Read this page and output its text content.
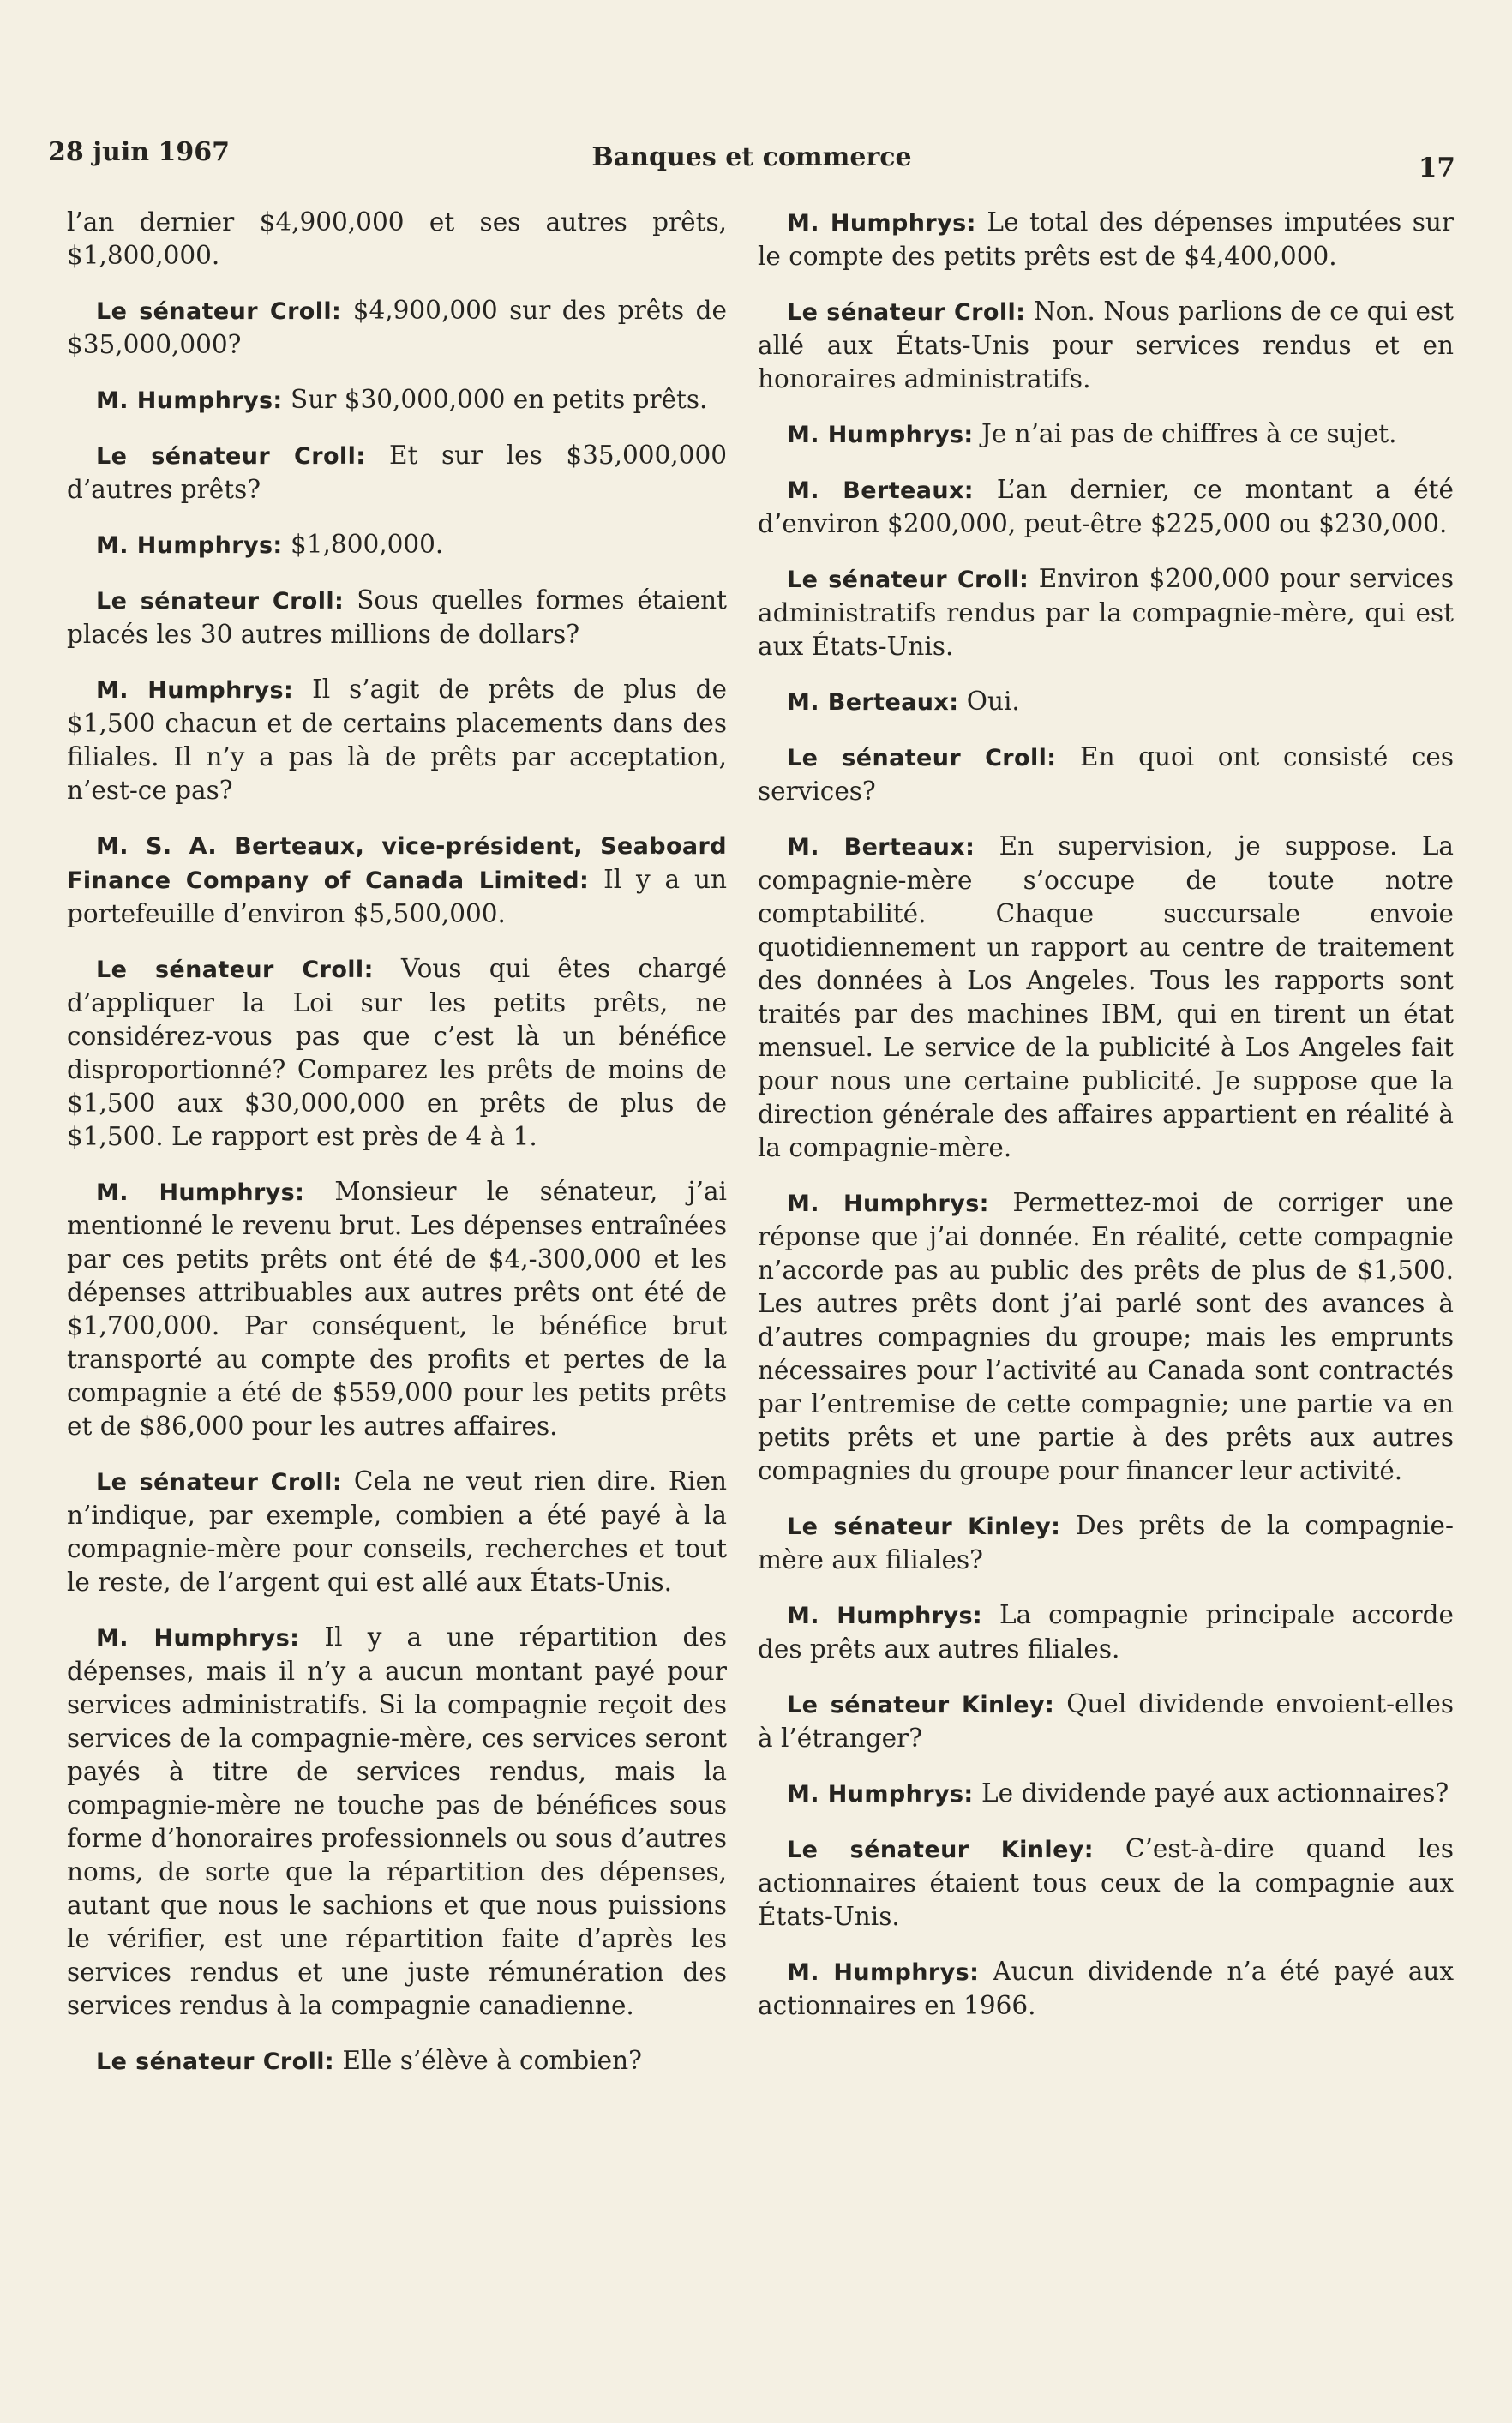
28 juin 1967	Banques et commerce	17

l’an dernier $4,900,000 et ses autres prêts, $1,800,000.

Le sénateur Croll: $4,900,000 sur des prêts de $35,000,000?

M. Humphrys: Sur $30,000,000 en petits prêts.

Le sénateur Croll: Et sur les $35,000,000 d’autres prêts?

M. Humphrys: $1,800,000.

Le sénateur Croll: Sous quelles formes étaient placés les 30 autres millions de dollars?

M. Humphrys: Il s’agit de prêts de plus de $1,500 chacun et de certains placements dans des filiales. Il n’y a pas là de prêts par acceptation, n’est-ce pas?

M. S. A. Berteaux, vice-président, Seaboard Finance Company of Canada Limited: Il y a un portefeuille d’environ $5,500,000.

Le sénateur Croll: Vous qui êtes chargé d’appliquer la Loi sur les petits prêts, ne considérez-vous pas que c’est là un bénéfice disproportionné? Comparez les prêts de moins de $1,500 aux $30,000,000 en prêts de plus de $1,500. Le rapport est près de 4 à 1.

M. Humphrys: Monsieur le sénateur, j’ai mentionné le revenu brut. Les dépenses entraînées par ces petits prêts ont été de $4,-300,000 et les dépenses attribuables aux autres prêts ont été de $1,700,000. Par conséquent, le bénéfice brut transporté au compte des profits et pertes de la compagnie a été de $559,000 pour les petits prêts et de $86,000 pour les autres affaires.

Le sénateur Croll: Cela ne veut rien dire. Rien n’indique, par exemple, combien a été payé à la compagnie-mère pour conseils, recherches et tout le reste, de l’argent qui est allé aux États-Unis.

M. Humphrys: Il y a une répartition des dépenses, mais il n’y a aucun montant payé pour services administratifs. Si la compagnie reçoit des services de la compagnie-mère, ces services seront payés à titre de services rendus, mais la compagnie-mère ne touche pas de bénéfices sous forme d’honoraires professionnels ou sous d’autres noms, de sorte que la répartition des dépenses, autant que nous le sachions et que nous puissions le vérifier, est une répartition faite d’après les services rendus et une juste rémunération des services rendus à la compagnie canadienne.

Le sénateur Croll: Elle s’élève à combien?

M. Humphrys: Le total des dépenses imputées sur le compte des petits prêts est de $4,400,000.

Le sénateur Croll: Non. Nous parlions de ce qui est allé aux États-Unis pour services rendus et en honoraires administratifs.

M. Humphrys: Je n’ai pas de chiffres à ce sujet.

M. Berteaux: L’an dernier, ce montant a été d’environ $200,000, peut-être $225,000 ou $230,000.

Le sénateur Croll: Environ $200,000 pour services administratifs rendus par la compagnie-mère, qui est aux États-Unis.

M. Berteaux: Oui.

Le sénateur Croll: En quoi ont consisté ces services?

M. Berteaux: En supervision, je suppose. La compagnie-mère s’occupe de toute notre comptabilité. Chaque succursale envoie quotidiennement un rapport au centre de traitement des données à Los Angeles. Tous les rapports sont traités par des machines IBM, qui en tirent un état mensuel. Le service de la publicité à Los Angeles fait pour nous une certaine publicité. Je suppose que la direction générale des affaires appartient en réalité à la compagnie-mère.

M. Humphrys: Permettez-moi de corriger une réponse que j’ai donnée. En réalité, cette compagnie n’accorde pas au public des prêts de plus de $1,500. Les autres prêts dont j’ai parlé sont des avances à d’autres compagnies du groupe; mais les emprunts nécessaires pour l’activité au Canada sont contractés par l’entremise de cette compagnie; une partie va en petits prêts et une partie à des prêts aux autres compagnies du groupe pour financer leur activité.

Le sénateur Kinley: Des prêts de la compagnie-mère aux filiales?

M. Humphrys: La compagnie principale accorde des prêts aux autres filiales.

Le sénateur Kinley: Quel dividende envoient-elles à l’étranger?

M. Humphrys: Le dividende payé aux actionnaires?

Le sénateur Kinley: C’est-à-dire quand les actionnaires étaient tous ceux de la compagnie aux États-Unis.

M. Humphrys: Aucun dividende n’a été payé aux actionnaires en 1966.
